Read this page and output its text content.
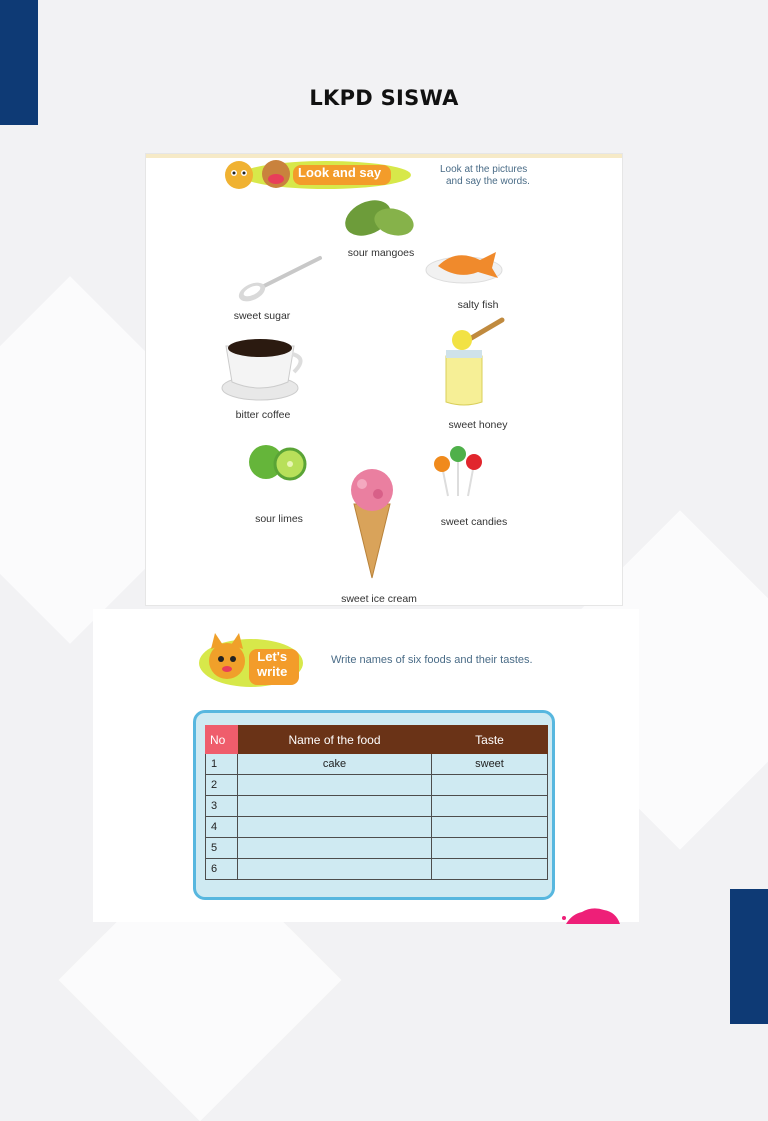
LKPD SISWA
Look and say	Look at the pictures
and say the words.
sour mangoes
salty fish
sweet sugar
bitter coffee
sweet honey
sour limes	sweet candies
sweet ice cream
Let's
write
Write names of six foods and their tastes.
No	Name of the food	Taste
1	cake	sweet
2		
3		
4		
5		
6		
